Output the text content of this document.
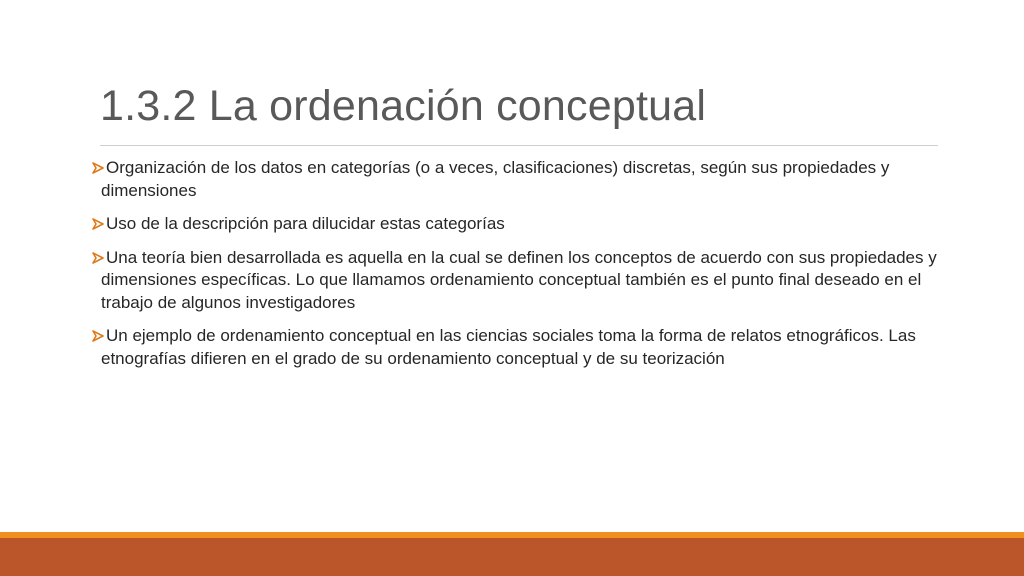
1.3.2 La ordenación conceptual
Organización de los datos en categorías (o a veces, clasificaciones) discretas, según sus propiedades y dimensiones
Uso de la descripción para dilucidar estas categorías
Una teoría bien desarrollada es aquella en la cual se definen los conceptos de acuerdo con sus propiedades y dimensiones específicas. Lo que llamamos ordenamiento conceptual también es el punto final deseado en el trabajo de algunos investigadores
Un ejemplo de ordenamiento conceptual en las ciencias sociales toma la forma de relatos etnográficos. Las etnografías difieren en el grado de su ordenamiento conceptual y de su teorización
